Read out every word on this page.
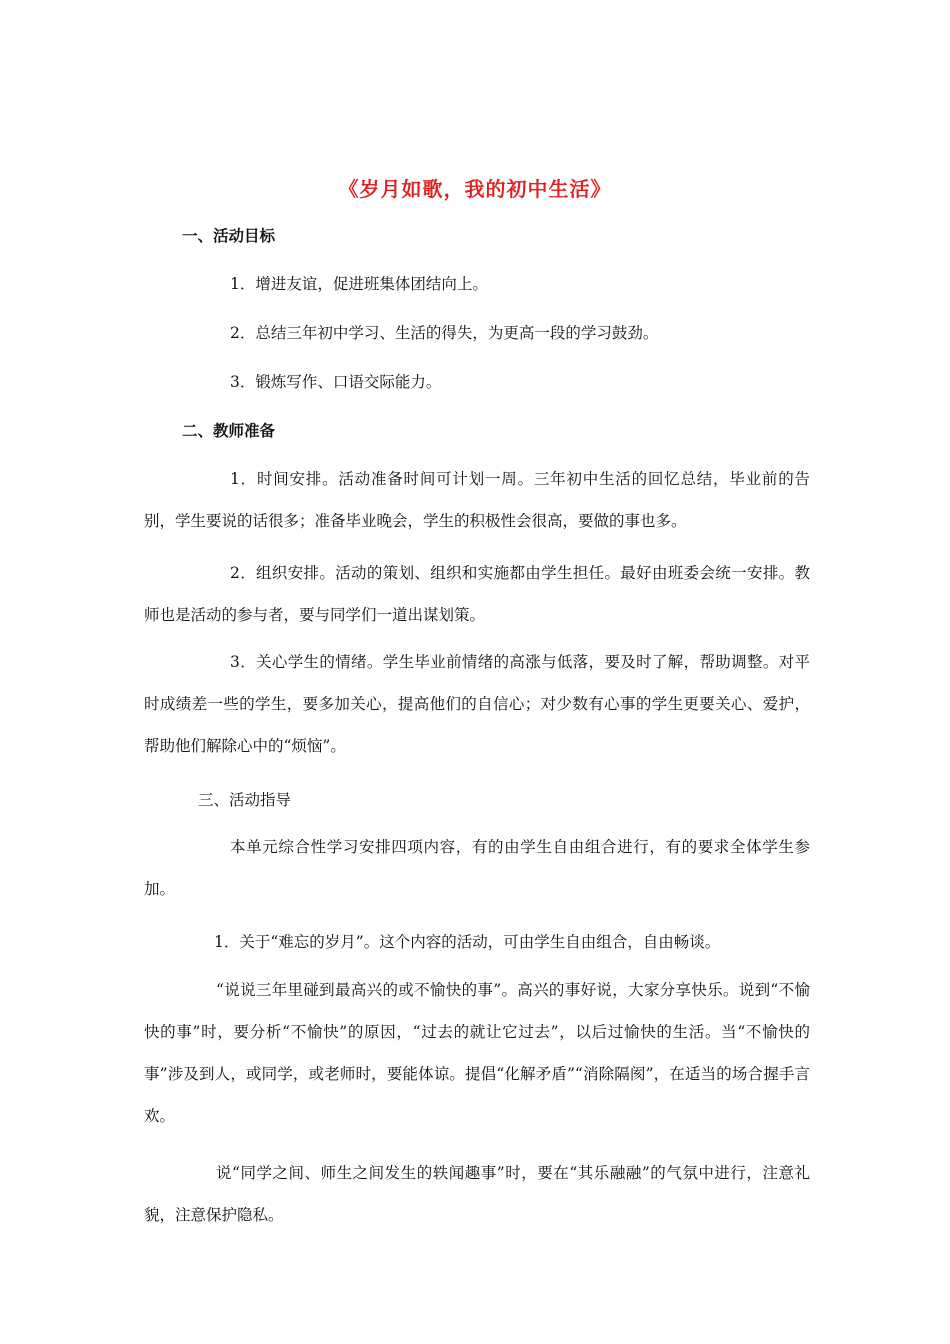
《岁月如歌，我的初中生活》
一、活动目标
1．增进友谊，促进班集体团结向上。
2．总结三年初中学习、生活的得失，为更高一段的学习鼓劲。
3．锻炼写作、口语交际能力。
二、教师准备
1．时间安排。活动准备时间可计划一周。三年初中生活的回忆总结，毕业前的告别，学生要说的话很多；准备毕业晚会，学生的积极性会很高，要做的事也多。
2．组织安排。活动的策划、组织和实施都由学生担任。最好由班委会统一安排。教师也是活动的参与者，要与同学们一道出谋划策。
3．关心学生的情绪。学生毕业前情绪的高涨与低落，要及时了解，帮助调整。对平时成绩差一些的学生，要多加关心，提高他们的自信心；对少数有心事的学生更要关心、爱护，帮助他们解除心中的“烦恼”。
三、活动指导
本单元综合性学习安排四项内容，有的由学生自由组合进行，有的要求全体学生参加。
1．关于“难忘的岁月”。这个内容的活动，可由学生自由组合，自由畅谈。
“说说三年里碰到最高兴的或不愉快的事”。高兴的事好说，大家分享快乐。说到“不愉快的事”时，要分析“不愉快”的原因，“过去的就让它过去”，以后过愉快的生活。当“不愉快的事”涉及到人，或同学，或老师时，要能体谅。提倡“化解矛盾”“消除隔阂”，在适当的场合握手言欢。
说“同学之间、师生之间发生的轶闻趣事”时，要在“其乐融融”的气氛中进行，注意礼貌，注意保护隐私。
